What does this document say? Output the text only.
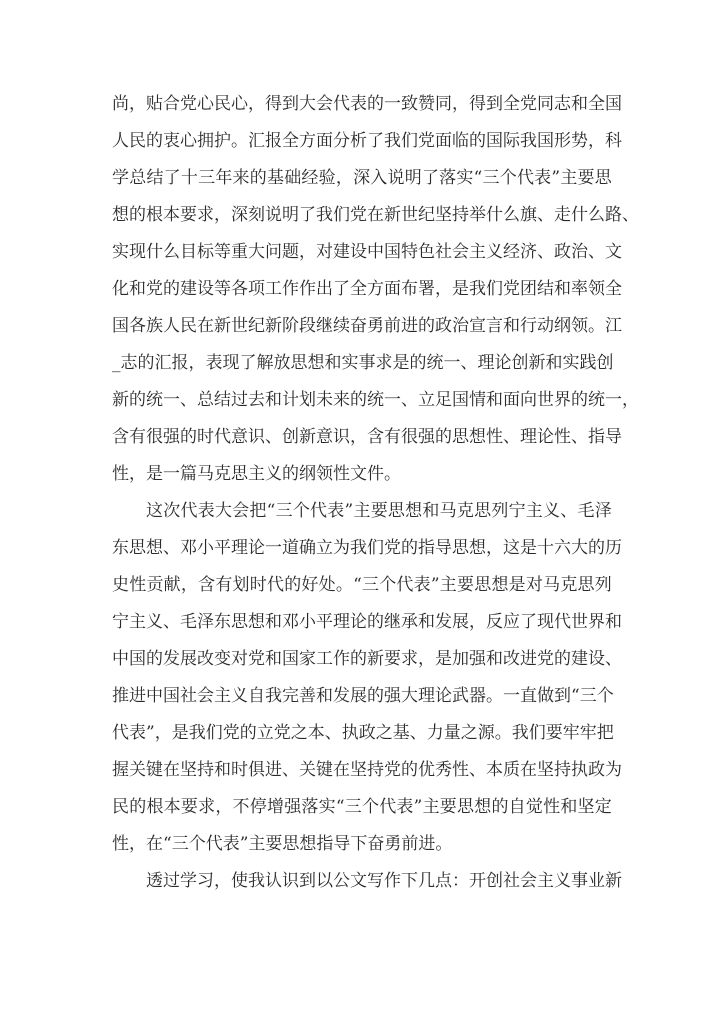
尚 ， 贴 合 党 心 民 心 ， 得 到 大 会 代 表 的 一 致 赞 同 ， 得 到 全 党 同 志 和 全 国
人 民 的 衷 心 拥 护 。 汇 报 全 方 面 分 析 了 我 们 党 面 临 的 国 际 我 国 形 势 ， 科
学 总 结 了 十 三 年 来 的 基 础 经 验 ， 深 入 说 明 了 落 实 “ 三 个 代 表 ” 主 要 思
想 的 根 本 要 求 ， 深 刻 说 明 了 我 们 党 在 新 世 纪 坚 持 举 什 么 旗 、 走 什 么 路 、
实 现 什 么 目 标 等 重 大 问 题 ， 对 建 设 中 国 特 色 社 会 主 义 经 济 、 政 治 、 文
化 和 党 的 建 设 等 各 项 工 作 作 出 了 全 方 面 布 署 ， 是 我 们 党 团 结 和 率 领 全
国 各 族 人 民 在 新 世 纪 新 阶 段 继 续 奋 勇 前 进 的 政 治 宣 言 和 行 动 纲 领 。 江
_ 志 的 汇 报 ， 表 现 了 解 放 思 想 和 实 事 求 是 的 统 一 、 理 论 创 新 和 实 践 创
新 的 统 一 、 总 结 过 去 和 计 划 未 来 的 统 一 、 立 足 国 情 和 面 向 世 界 的 统 一 ，
含 有 很 强 的 时 代 意 识 、 创 新 意 识 ， 含 有 很 强 的 思 想 性 、 理 论 性 、 指 导
性，是一篇马克思主义的纲领性文件。
这 次 代 表 大 会 把 “ 三 个 代 表 ” 主 要 思 想 和 马 克 思 列 宁 主 义 、 毛 泽
东 思 想 、 邓 小 平 理 论 一 道 确 立 为 我 们 党 的 指 导 思 想 ， 这 是 十 六 大 的 历
史 性 贡 献 ， 含 有 划 时 代 的 好 处 。 “ 三 个 代 表 ” 主 要 思 想 是 对 马 克 思 列
宁 主 义 、 毛 泽 东 思 想 和 邓 小 平 理 论 的 继 承 和 发 展 ， 反 应 了 现 代 世 界 和
中 国 的 发 展 改 变 对 党 和 国 家 工 作 的 新 要 求 ， 是 加 强 和 改 进 党 的 建 设 、
推 进 中 国 社 会 主 义 自 我 完 善 和 发 展 的 强 大 理 论 武 器 。 一 直 做 到 “ 三 个
代 表 ” ， 是 我 们 党 的 立 党 之 本 、 执 政 之 基 、 力 量 之 源 。 我 们 要 牢 牢 把
握 关 键 在 坚 持 和 时 俱 进 、 关 键 在 坚 持 党 的 优 秀 性 、 本 质 在 坚 持 执 政 为
民 的 根 本 要 求 ， 不 停 增 强 落 实 “ 三 个 代 表 ” 主 要 思 想 的 自 觉 性 和 坚 定
性，在“三个代表”主要思想指导下奋勇前进。
透 过 学 习 ， 使 我 认 识 到 以 公 文 写 作 下 几 点 ： 开 创 社 会 主 义 事 业 新
